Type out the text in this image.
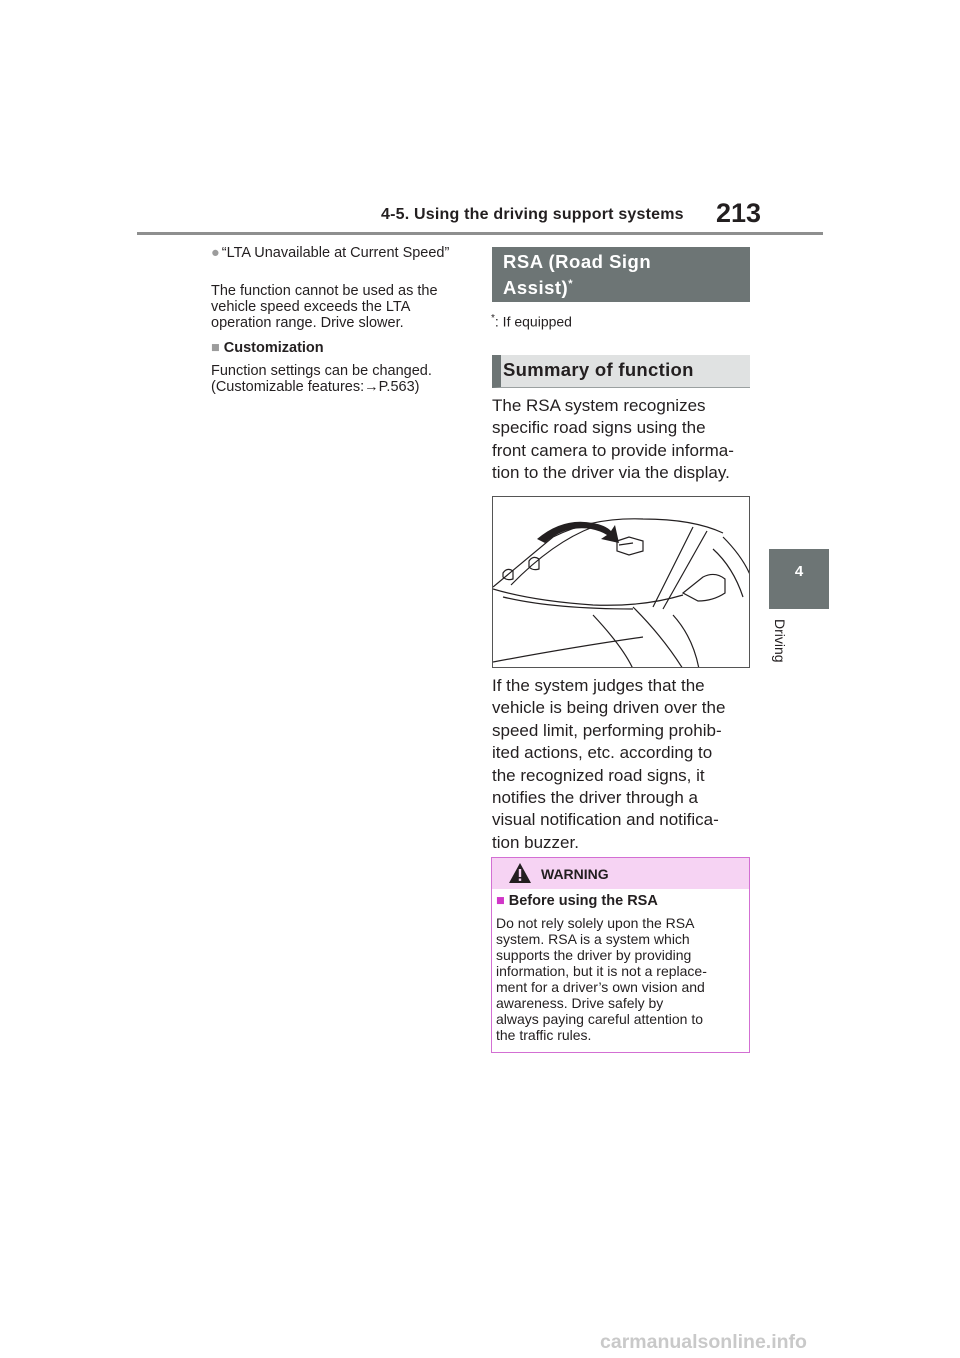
4-5. Using the driving support systems 213
4
Driving
● “LTA Unavailable at Current Speed”
The function cannot be used as the
vehicle speed exceeds the LTA
operation range. Drive slower.
■ Customization
Function settings can be changed.
(Customizable features:→P.563)
RSA (Road Sign
Assist)*
*: If equipped
Summary of function
The RSA system recognizes
specific road signs using the
front camera to provide informa-
tion to the driver via the display.
If the system judges that the
vehicle is being driven over the
speed limit, performing prohib-
ited actions, etc. according to
the recognized road signs, it
notifies the driver through a
visual notification and notifica-
tion buzzer.
WARNING
■ Before using the RSA
Do not rely solely upon the RSA
system. RSA is a system which
supports the driver by providing
information, but it is not a replace-
ment for a driver’s own vision and
awareness. Drive safely by
always paying careful attention to
the traffic rules.
carmanualsonline.info
